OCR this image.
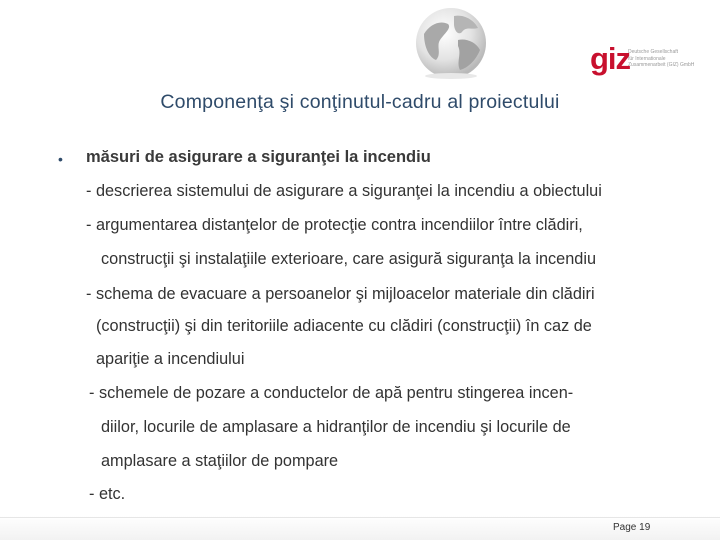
giz
Deutsche Gesellschaft
für Internationale
Zusammenarbeit (GIZ) GmbH
Componenţa şi conţinutul-cadru al proiectului
• măsuri de asigurare a siguranţei la incendiu
- descrierea sistemului de asigurare a siguranţei la incendiu a obiectului
- argumentarea distanţelor de protecţie contra incendiilor între clădiri,
construcţii şi instalaţiile exterioare, care asigură siguranţa la incendiu
- schema de evacuare a persoanelor şi mijloacelor materiale din clădiri
(construcţii) şi din teritoriile adiacente cu clădiri (construcţii) în caz de
apariţie a incendiului
- schemele de pozare a conductelor de apă pentru stingerea incen-
diilor, locurile de amplasare a hidranţilor de incendiu şi locurile de
amplasare a staţiilor de pompare
- etc.
Page 19
